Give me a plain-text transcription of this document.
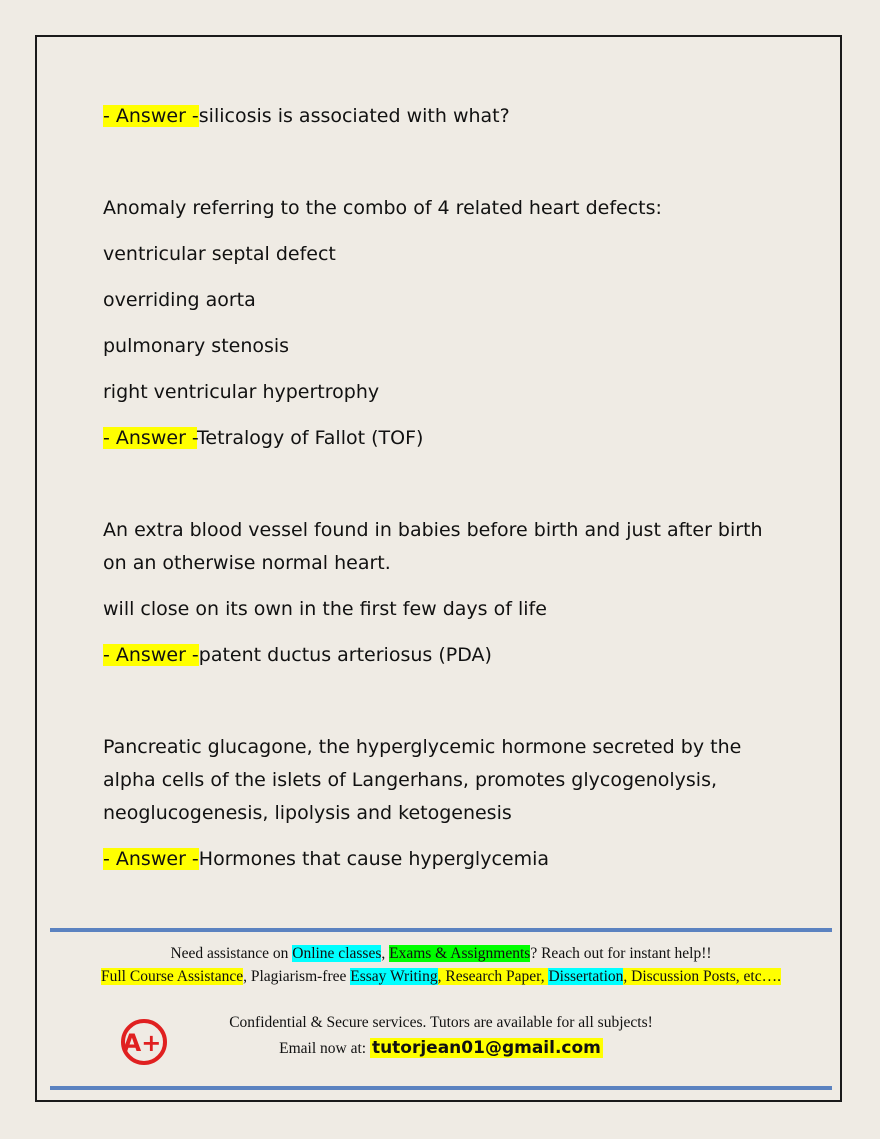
- Answer -silicosis is associated with what?

Anomaly referring to the combo of 4 related heart defects:

ventricular septal defect

overriding aorta

pulmonary stenosis

right ventricular hypertrophy

- Answer -Tetralogy of Fallot (TOF)

An extra blood vessel found in babies before birth and just after birth on an otherwise normal heart.

will close on its own in the first few days of life

- Answer -patent ductus arteriosus (PDA)

Pancreatic glucagone, the hyperglycemic hormone secreted by the alpha cells of the islets of Langerhans, promotes glycogenolysis, neoglucogenesis, lipolysis and ketogenesis

- Answer -Hormones that cause hyperglycemia

Need assistance on Online classes, Exams & Assignments? Reach out for instant help!!
Full Course Assistance, Plagiarism-free Essay Writing, Research Paper, Dissertation, Discussion Posts, etc….
A+
Confidential & Secure services. Tutors are available for all subjects!
Email now at: tutorjean01@gmail.com
